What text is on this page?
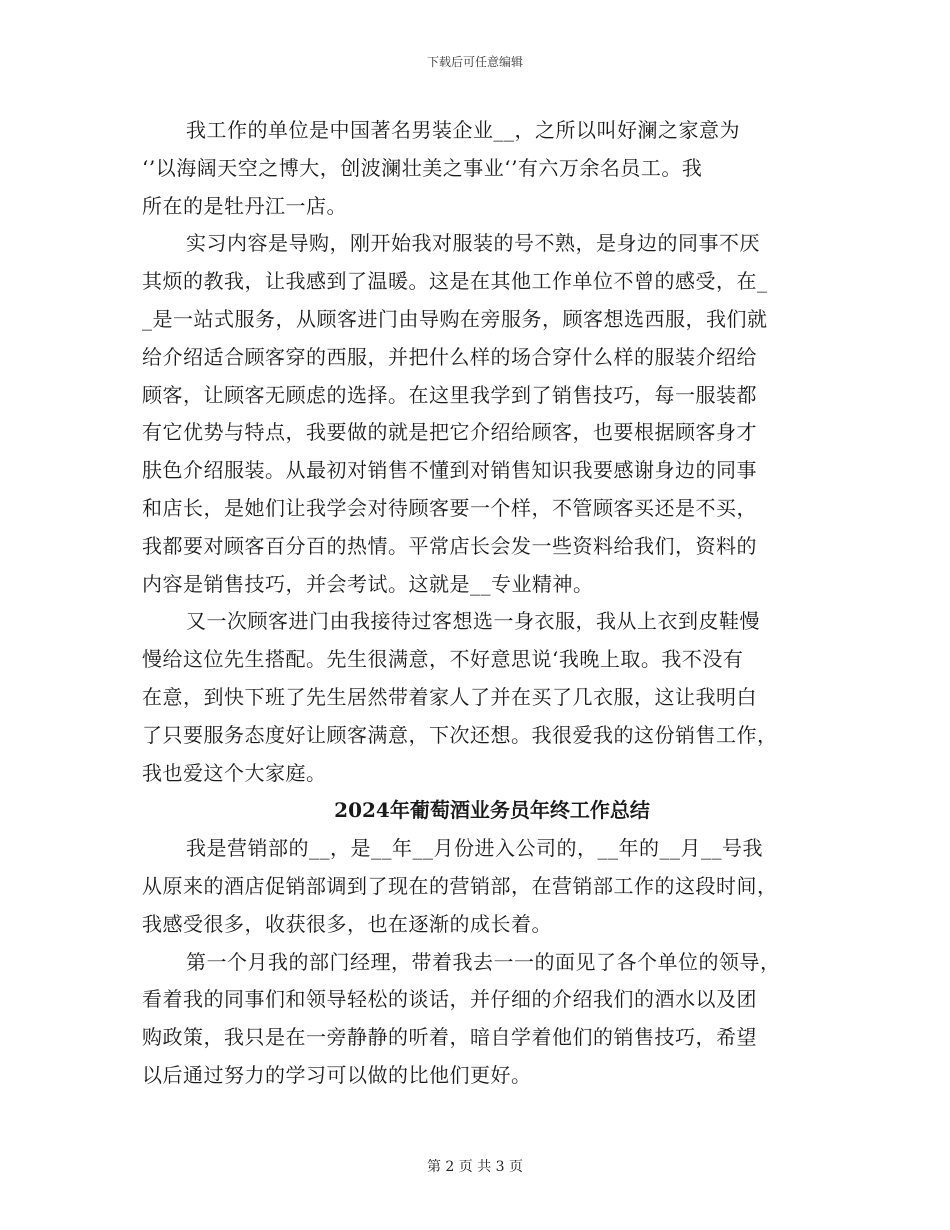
下载后可任意编辑
我工作的单位是中国著名男装企业__，之所以叫好澜之家意为
‘’以海阔天空之博大，创波澜壮美之事业‘’有六万余名员工。我
所在的是牡丹江一店。
实习内容是导购，刚开始我对服装的号不熟，是身边的同事不厌
其烦的教我，让我感到了温暖。这是在其他工作单位不曾的感受，在_
_是一站式服务，从顾客进门由导购在旁服务，顾客想选西服，我们就
给介绍适合顾客穿的西服，并把什么样的场合穿什么样的服装介绍给
顾客，让顾客无顾虑的选择。在这里我学到了销售技巧，每一服装都
有它优势与特点，我要做的就是把它介绍给顾客，也要根据顾客身才
肤色介绍服装。从最初对销售不懂到对销售知识我要感谢身边的同事
和店长，是她们让我学会对待顾客要一个样，不管顾客买还是不买，
我都要对顾客百分百的热情。平常店长会发一些资料给我们，资料的
内容是销售技巧，并会考试。这就是__专业精神。
又一次顾客进门由我接待过客想选一身衣服，我从上衣到皮鞋慢
慢给这位先生搭配。先生很满意，不好意思说‘我晚上取。我不没有
在意，到快下班了先生居然带着家人了并在买了几衣服，这让我明白
了只要服务态度好让顾客满意，下次还想。我很爱我的这份销售工作，
我也爱这个大家庭。
2024年葡萄酒业务员年终工作总结
我是营销部的__，是__年__月份进入公司的，__年的__月__号我
从原来的酒店促销部调到了现在的营销部，在营销部工作的这段时间，
我感受很多，收获很多，也在逐渐的成长着。
第一个月我的部门经理，带着我去一一的面见了各个单位的领导，
看着我的同事们和领导轻松的谈话，并仔细的介绍我们的酒水以及团
购政策，我只是在一旁静静的听着，暗自学着他们的销售技巧，希望
以后通过努力的学习可以做的比他们更好。
第 2 页 共 3 页
